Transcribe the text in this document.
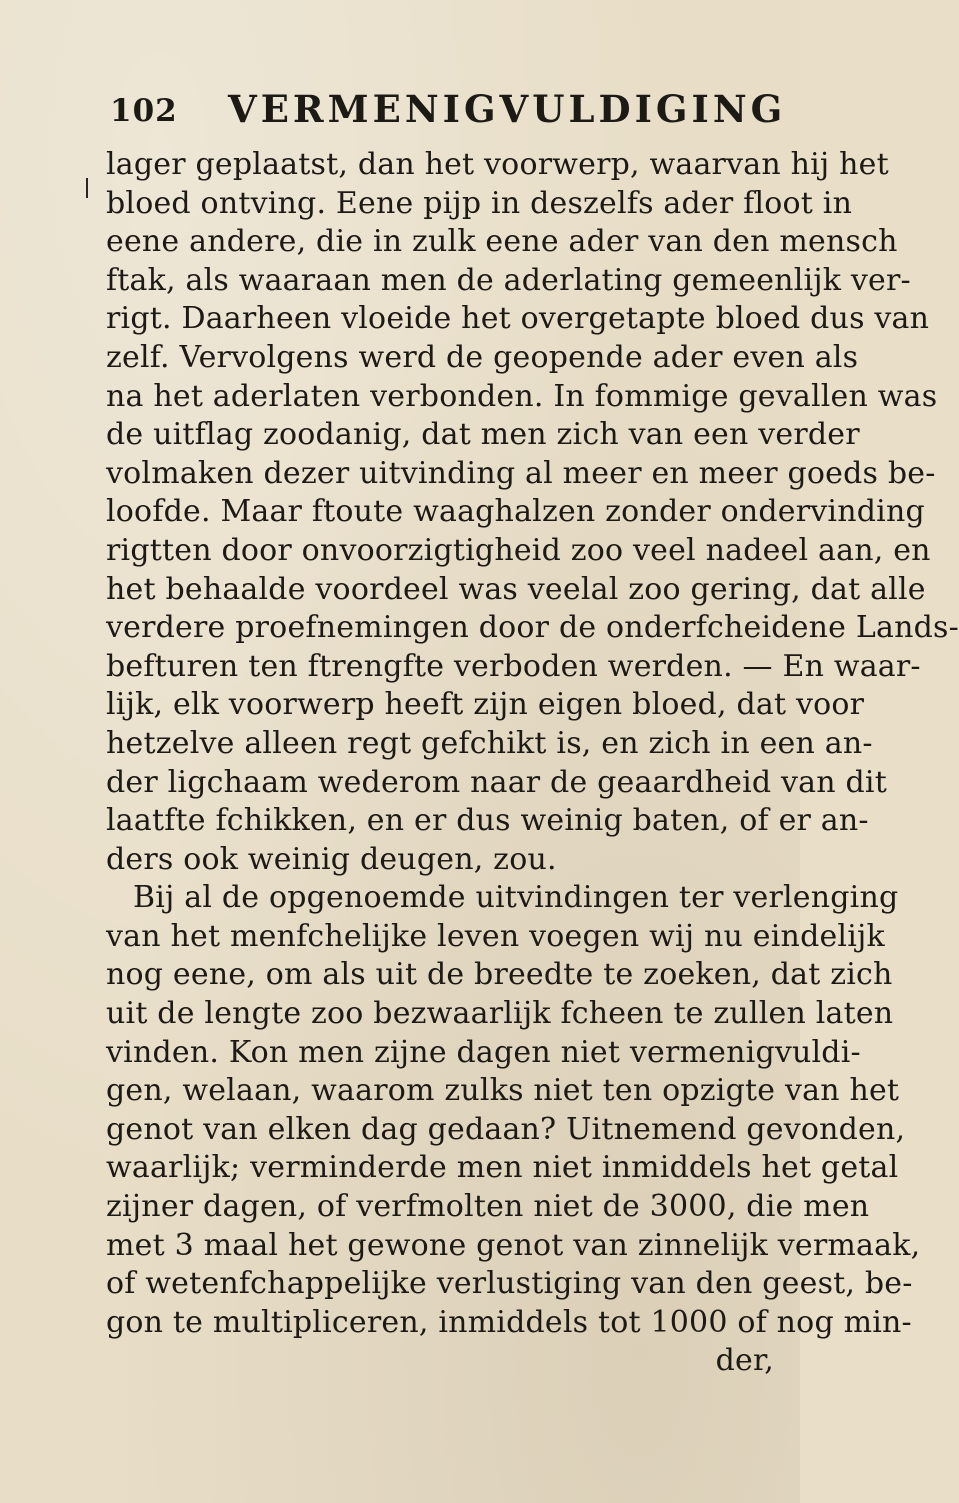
102 VERMENIGVULDIGING
lager geplaatst, dan het voorwerp, waarvan hij het
bloed ontving. Eene pijp in deszelfs ader floot in
eene andere, die in zulk eene ader van den mensch
ftak, als waaraan men de aderlating gemeenlijk ver-
rigt. Daarheen vloeide het overgetapte bloed dus van
zelf. Vervolgens werd de geopende ader even als
na het aderlaten verbonden. In fommige gevallen was
de uitflag zoodanig, dat men zich van een verder
volmaken dezer uitvinding al meer en meer goeds be-
loofde. Maar ftoute waaghalzen zonder ondervinding
rigtten door onvoorzigtigheid zoo veel nadeel aan, en
het behaalde voordeel was veelal zoo gering, dat alle
verdere proefnemingen door de onderfcheidene Lands-
befturen ten ftrengfte verboden werden. — En waar-
lijk, elk voorwerp heeft zijn eigen bloed, dat voor
hetzelve alleen regt gefchikt is, en zich in een an-
der ligchaam wederom naar de geaardheid van dit
laatfte fchikken, en er dus weinig baten, of er an-
ders ook weinig deugen, zou.
Bij al de opgenoemde uitvindingen ter verlenging
van het menfchelijke leven voegen wij nu eindelijk
nog eene, om als uit de breedte te zoeken, dat zich
uit de lengte zoo bezwaarlijk fcheen te zullen laten
vinden. Kon men zijne dagen niet vermenigvuldi-
gen, welaan, waarom zulks niet ten opzigte van het
genot van elken dag gedaan? Uitnemend gevonden,
waarlijk; verminderde men niet inmiddels het getal
zijner dagen, of verfmolten niet de 3000, die men
met 3 maal het gewone genot van zinnelijk vermaak,
of wetenfchappelijke verlustiging van den geest, be-
gon te multipliceren, inmiddels tot 1000 of nog min-
der,
